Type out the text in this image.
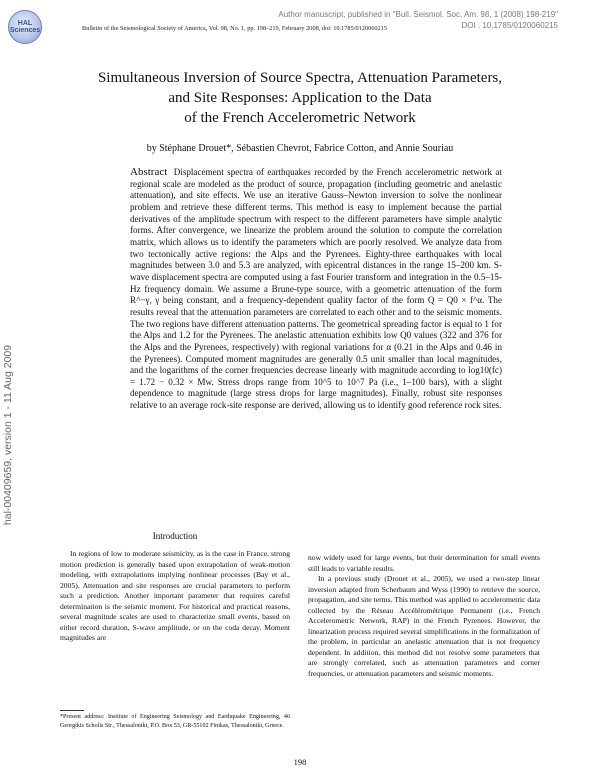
HAL Sciences
Author manuscript, published in "Bull. Seismol. Soc. Am. 98, 1 (2008) 198-219"
DOI : 10.1785/0120060215
Bulletin of the Seismological Society of America, Vol. 98, No. 1, pp. 198–219, February 2008, doi: 10.1785/0120060215
Simultaneous Inversion of Source Spectra, Attenuation Parameters,
and Site Responses: Application to the Data
of the French Accelerometric Network
by Stéphane Drouet*, Sébastien Chevrot, Fabrice Cotton, and Annie Souriau
Abstract Displacement spectra of earthquakes recorded by the French accelerometric network at regional scale are modeled as the product of source, propagation (including geometric and anelastic attenuation), and site effects. We use an iterative Gauss–Newton inversion to solve the nonlinear problem and retrieve these different terms. This method is easy to implement because the partial derivatives of the amplitude spectrum with respect to the different parameters have simple analytic forms. After convergence, we linearize the problem around the solution to compute the correlation matrix, which allows us to identify the parameters which are poorly resolved. We analyze data from two tectonically active regions: the Alps and the Pyrenees. Eighty-three earthquakes with local magnitudes between 3.0 and 5.3 are analyzed, with epicentral distances in the range 15–200 km. S-wave displacement spectra are computed using a fast Fourier transform and integration in the 0.5–15-Hz frequency domain. We assume a Brune-type source, with a geometric attenuation of the form R^−γ, γ being constant, and a frequency-dependent quality factor of the form Q = Q0 × f^α. The results reveal that the attenuation parameters are correlated to each other and to the seismic moments. The two regions have different attenuation patterns. The geometrical spreading factor is equal to 1 for the Alps and 1.2 for the Pyrenees. The anelastic attenuation exhibits low Q0 values (322 and 376 for the Alps and the Pyrenees, respectively) with regional variations for α (0.21 in the Alps and 0.46 in the Pyrenees). Computed moment magnitudes are generally 0.5 unit smaller than local magnitudes, and the logarithms of the corner frequencies decrease linearly with magnitude according to log10(fc) = 1.72 − 0.32 × Mw. Stress drops range from 10^5 to 10^7 Pa (i.e., 1–100 bars), with a slight dependence to magnitude (large stress drops for large magnitudes). Finally, robust site responses relative to an average rock-site response are derived, allowing us to identify good reference rock sites.
hal-00409659, version 1 - 11 Aug 2009
Introduction

In regions of low to moderate seismicity, as is the case in France, strong motion prediction is generally based upon extrapolation of weak-motion modeling, with extrapolations implying nonlinear processes (Bay et al., 2005). Attenuation and site responses are crucial parameters to perform such a prediction. Another important parameter that requires careful determination is the seismic moment. For historical and practical reasons, several magnitude scales are used to characterize small events, based on either record duration, S-wave amplitude, or on the coda decay. Moment magnitudes are

now widely used for large events, but their determination for small events still leads to variable results.

In a previous study (Drouet et al., 2005), we used a two-step linear inversion adapted from Scherbaum and Wyss (1990) to retrieve the source, propagation, and site terms. This method was applied to accelerometric data collected by the Réseau Accélérométrique Permanent (i.e., French Accelerometric Network, RAP) in the French Pyrenees. However, the linearization process required several simplifications in the formalization of the problem, in particular an anelastic attenuation that is not frequency dependent. In addition, this method did not resolve some parameters that are strongly correlated, such as attenuation parameters and corner frequencies, or attenuation parameters and seismic moments.

*Present address: Institute of Engineering Seismology and Earthquake Engineering, 46 Georgikis Scholis Str., Thessaloniki, P.O. Box 53, GR-55102 Finikas, Thessaloniki, Greece.
198
